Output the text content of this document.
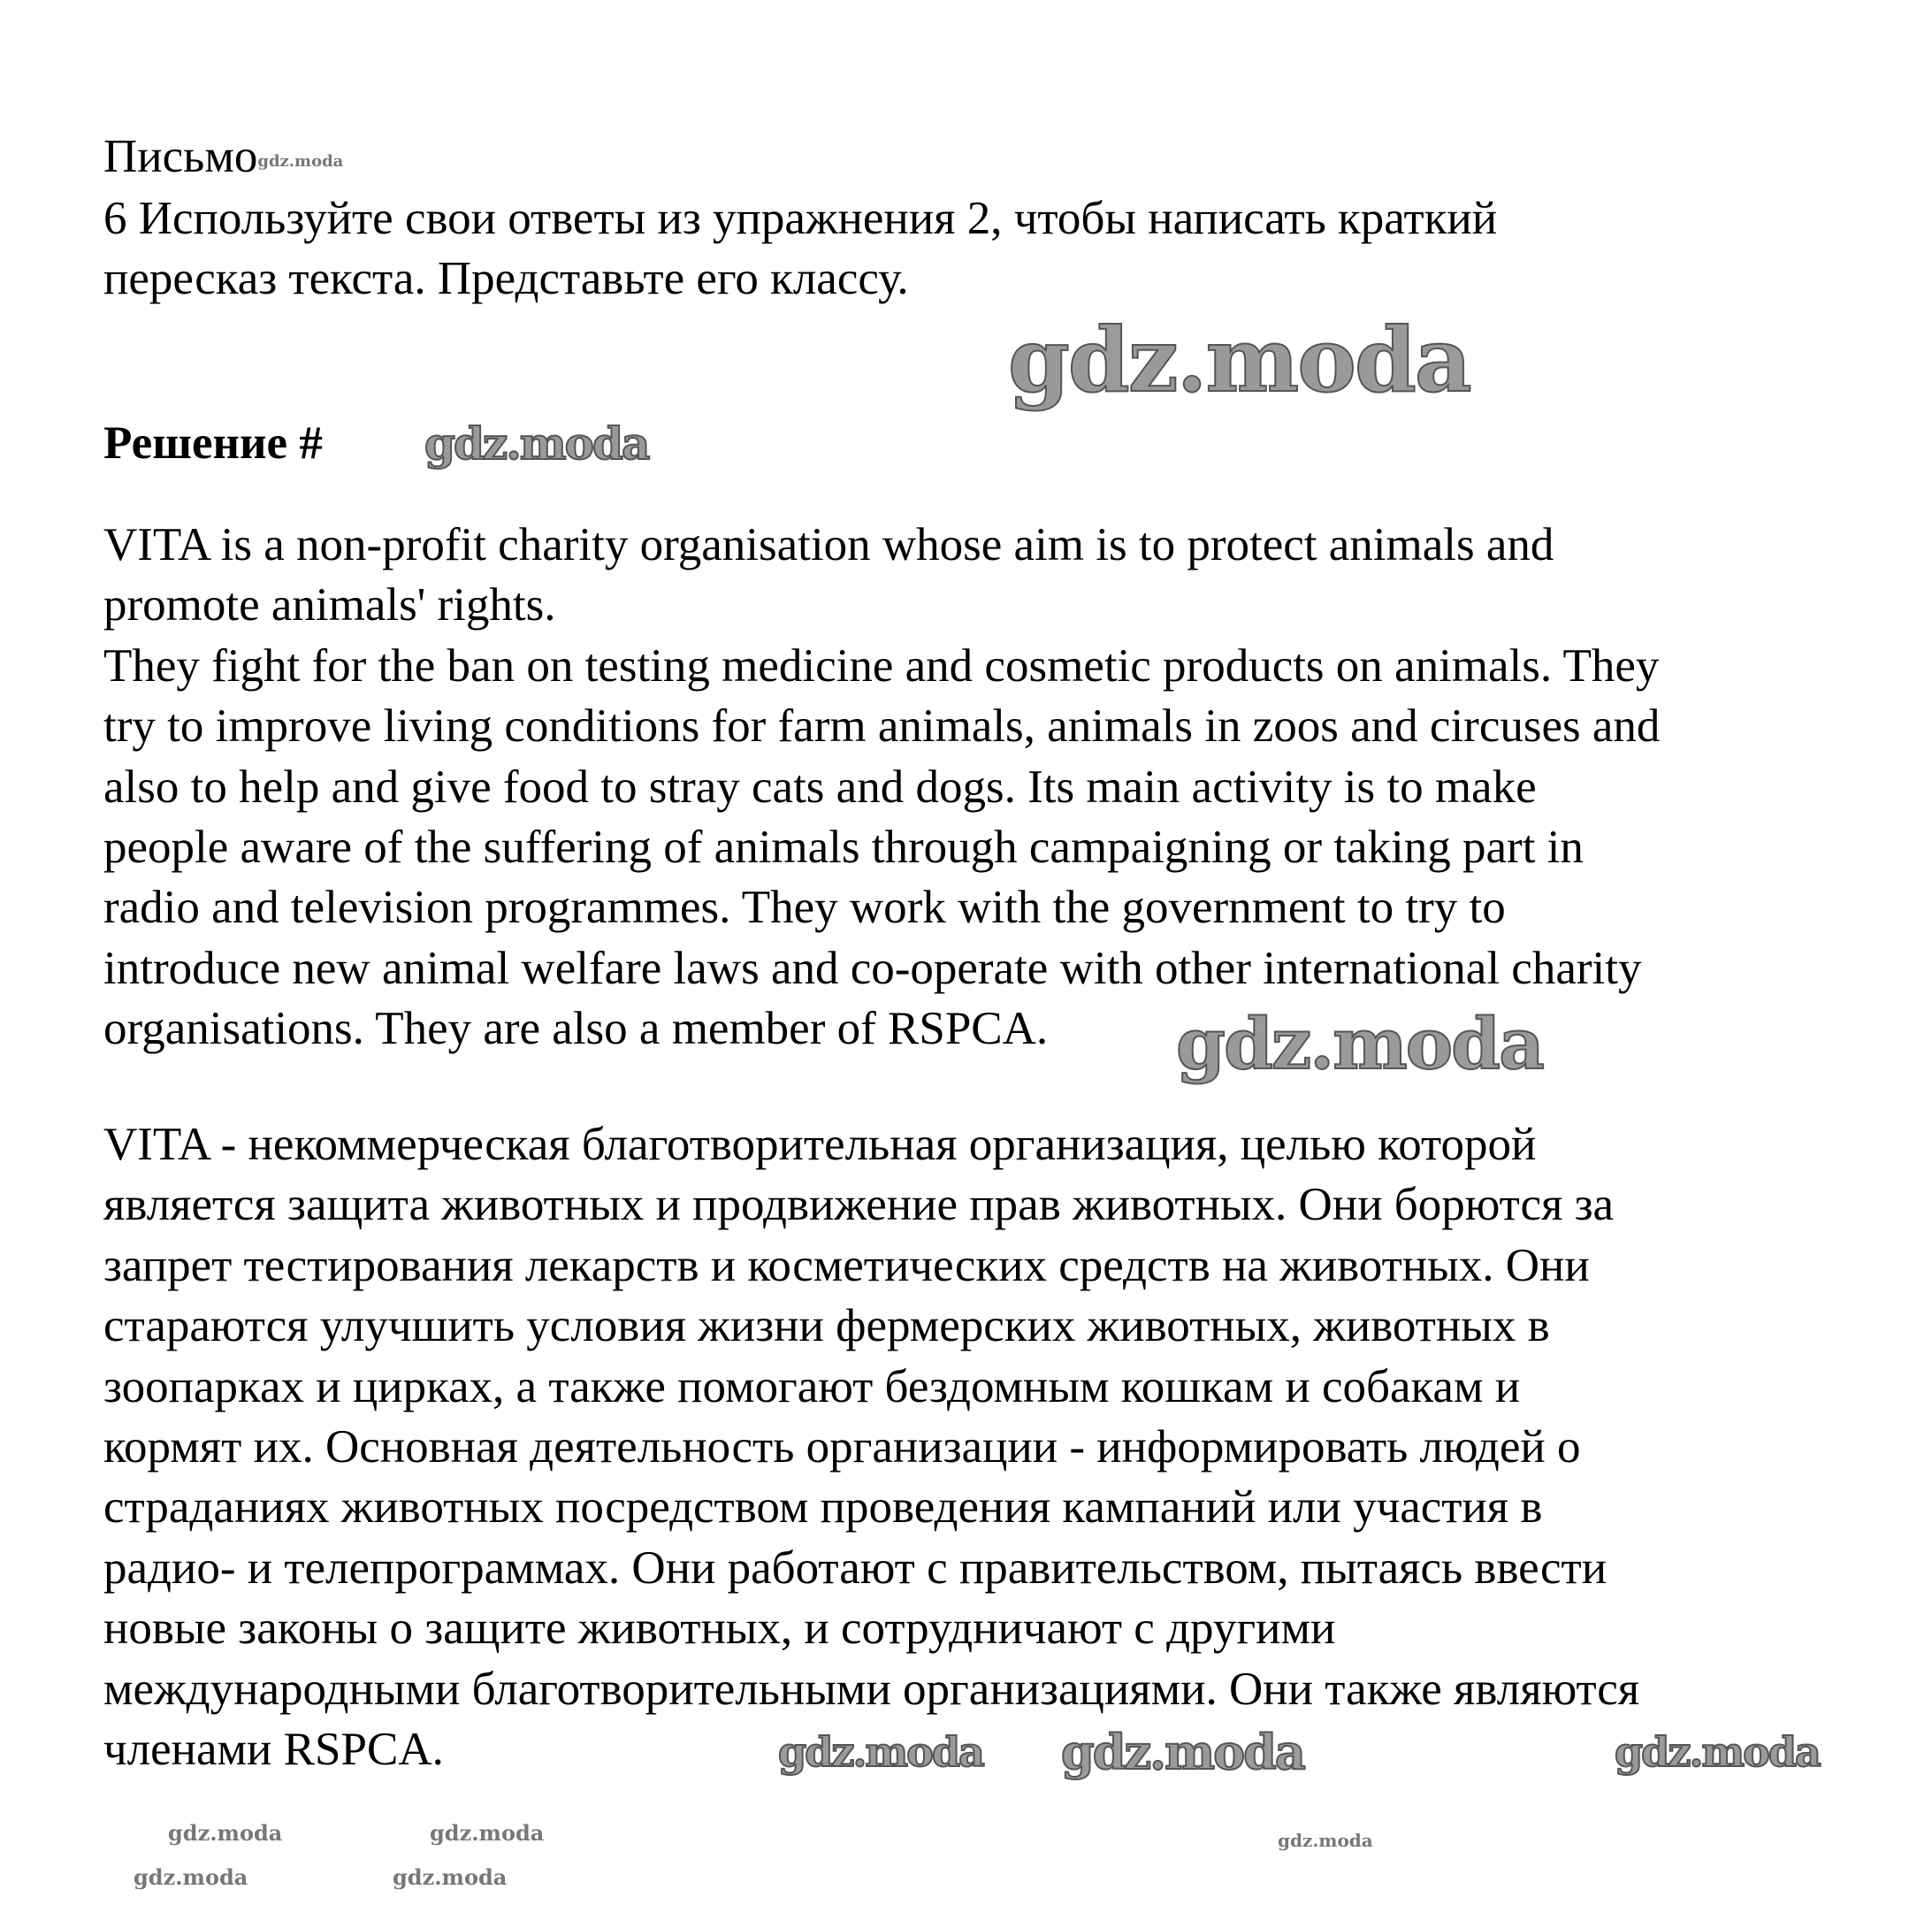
Письмо$^{gdz.moda}$
6 Используйте свои ответы из упражнения 2, чтобы написать краткий
пересказ текста. Представьте его классу.
Решение #
VITA is a non-profit charity organisation whose aim is to protect animals and
promote animals' rights.
They fight for the ban on testing medicine and cosmetic products on animals. They
try to improve living conditions for farm animals, animals in zoos and circuses and
also to help and give food to stray cats and dogs. Its main activity is to make
people aware of the suffering of animals through campaigning or taking part in
radio and television programmes. They work with the government to try to
introduce new animal welfare laws and co-operate with other international charity
organisations. They are also a member of RSPCA.
VITA - некоммерческая благотворительная организация, целью которой
является защита животных и продвижение прав животных. Они борются за
запрет тестирования лекарств и косметических средств на животных. Они
стараются улучшить условия жизни фермерских животных, животных в
зоопарках и цирках, а также помогают бездомным кошкам и собакам и
кормят их. Основная деятельность организации - информировать людей о
страданиях животных посредством проведения кампаний или участия в
радио- и телепрограммах. Они работают с правительством, пытаясь ввести
новые законы о защите животных, и сотрудничают с другими
международными благотворительными организациями. Они также являются
членами RSPCA.
gdz.moda
gdz.moda
gdz.moda
gdz.moda
gdz.moda	gdz.moda
gdz.moda	gdz.moda
gdz.moda
gdz.moda	gdz.moda
